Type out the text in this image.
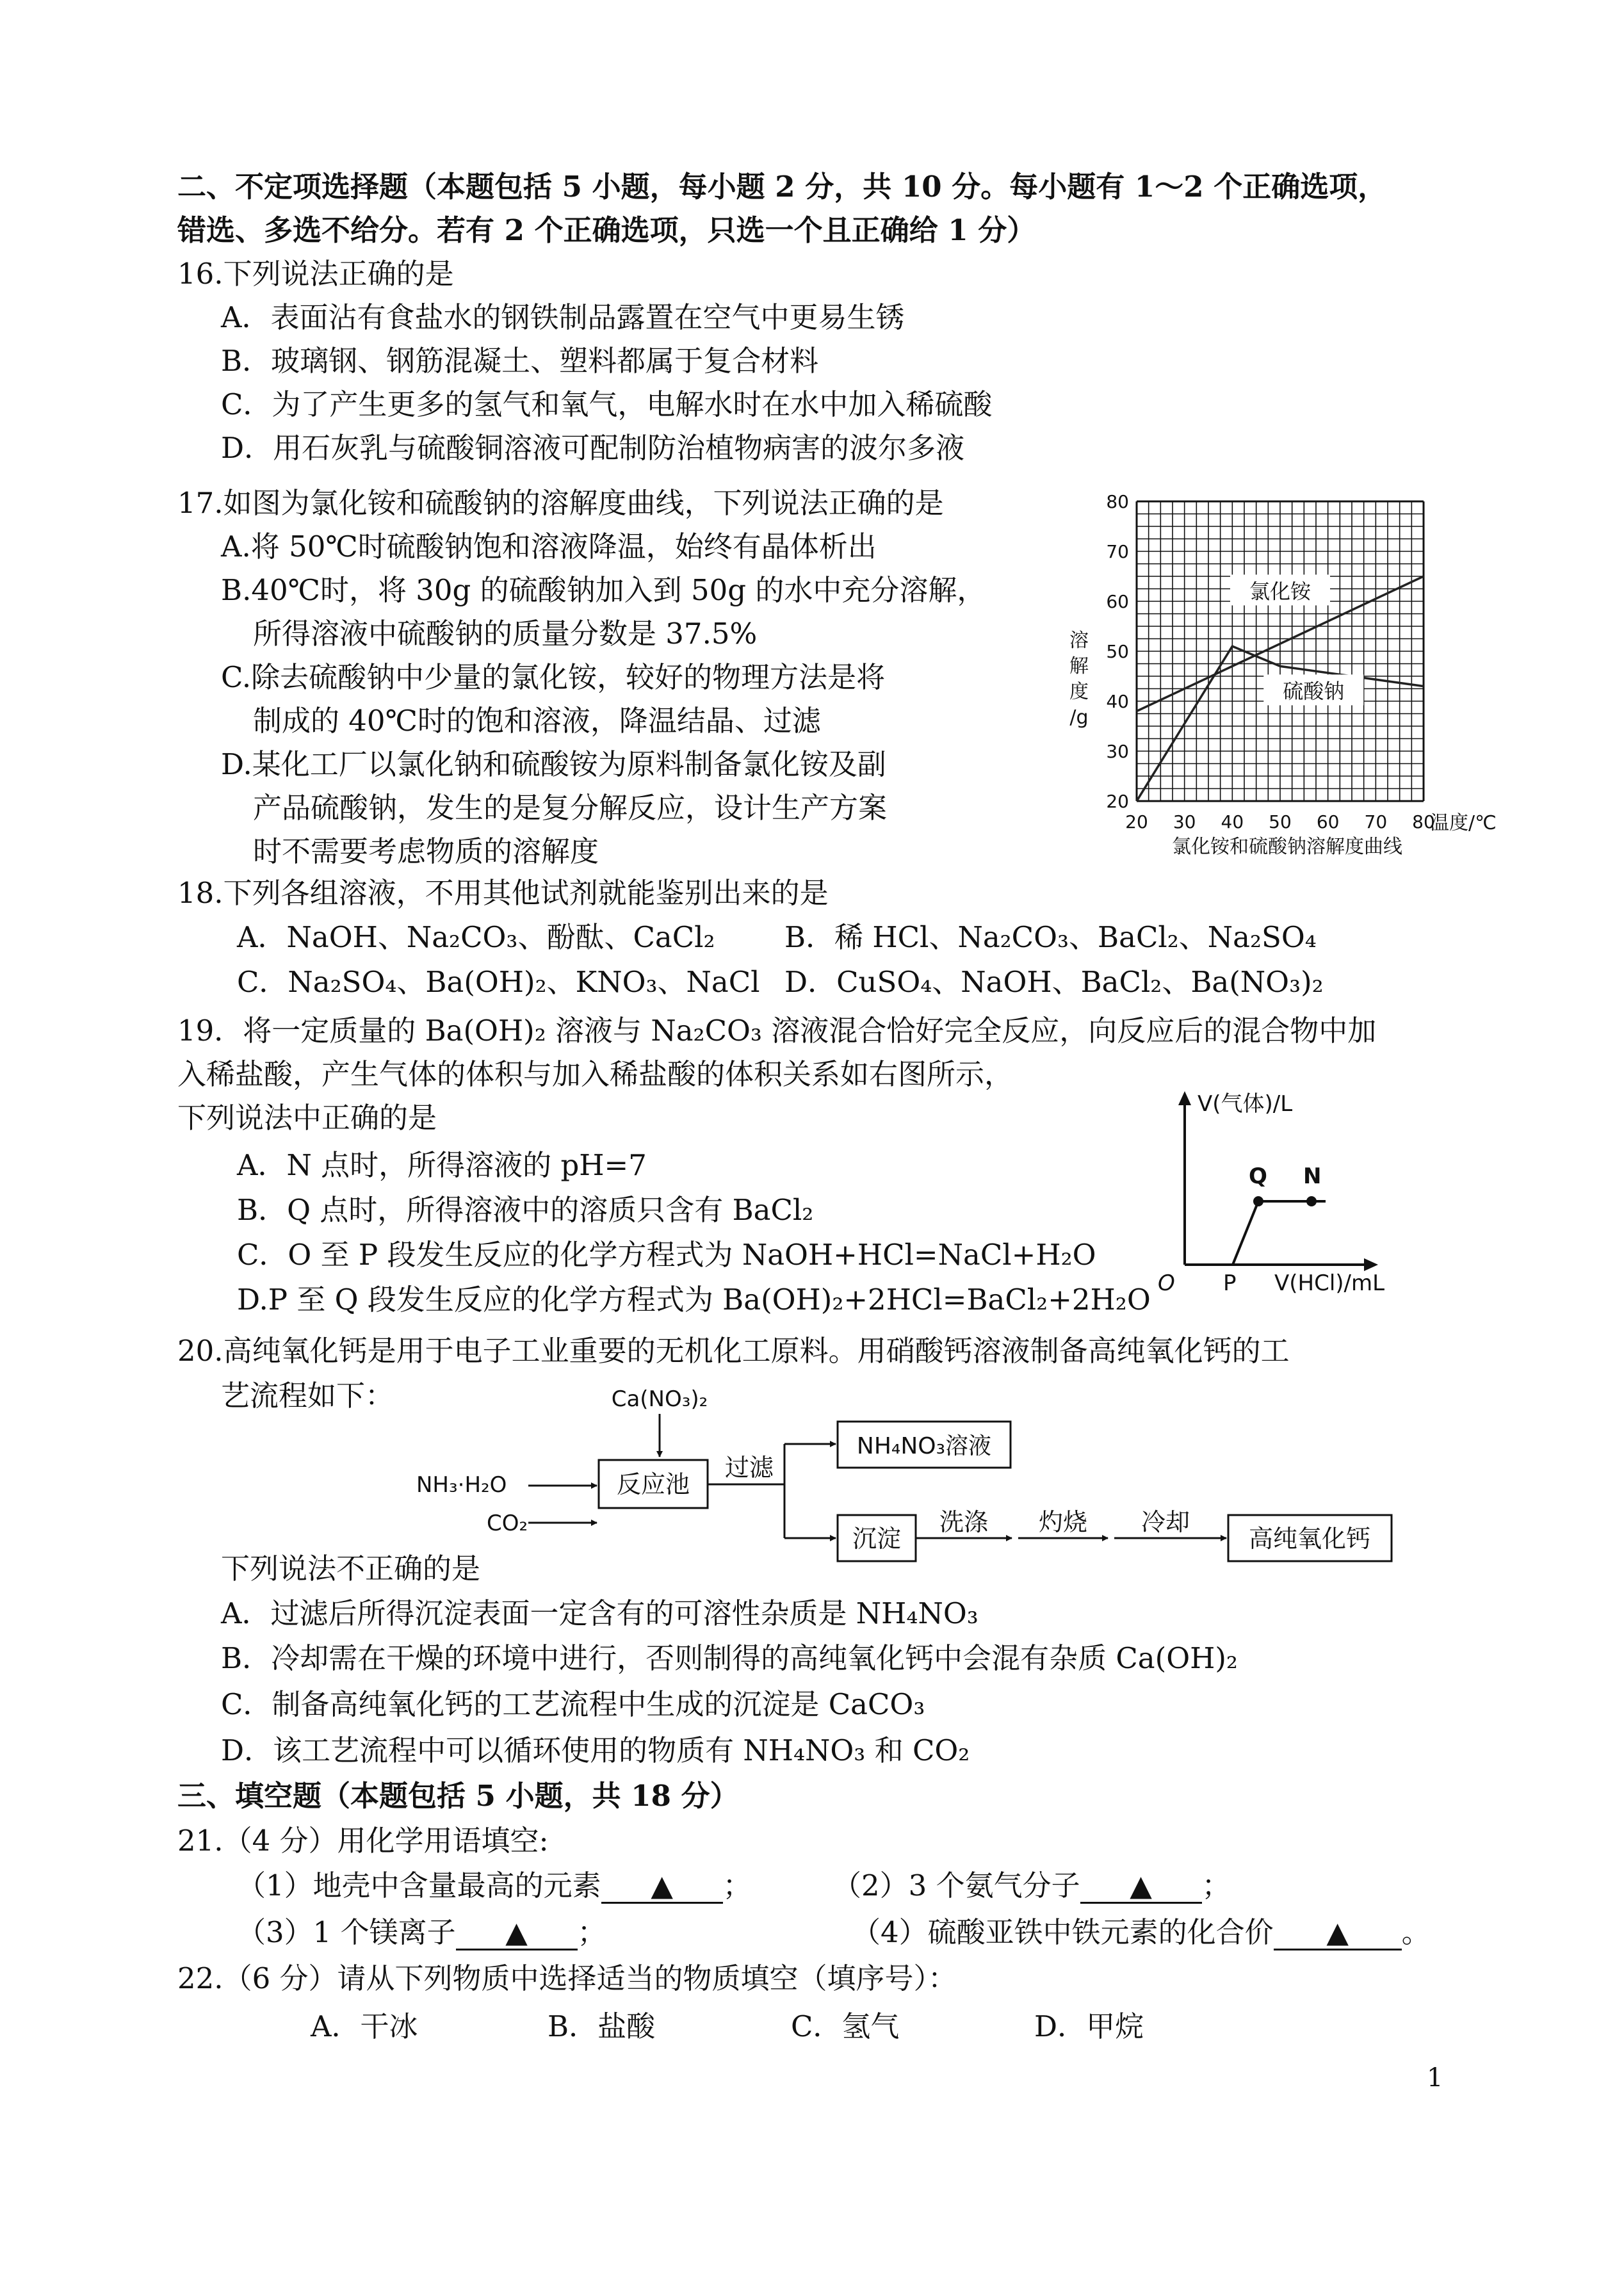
二、不定项选择题（本题包括 5 小题，每小题 2 分，共 10 分。每小题有 1～2 个正确选项，
错选、多选不给分。若有 2 个正确选项，只选一个且正确给 1 分）
16.下列说法正确的是
A．表面沾有食盐水的钢铁制品露置在空气中更易生锈
B．玻璃钢、钢筋混凝土、塑料都属于复合材料
C．为了产生更多的氢气和氧气，电解水时在水中加入稀硫酸
D．用石灰乳与硫酸铜溶液可配制防治植物病害的波尔多液
17.如图为氯化铵和硫酸钠的溶解度曲线，下列说法正确的是
A.将 50℃时硫酸钠饱和溶液降温，始终有晶体析出
B.40℃时，将 30g 的硫酸钠加入到 50g 的水中充分溶解，
所得溶液中硫酸钠的质量分数是 37.5%
C.除去硫酸钠中少量的氯化铵，较好的物理方法是将
制成的 40℃时的饱和溶液，降温结晶、过滤
D.某化工厂以氯化钠和硫酸铵为原料制备氯化铵及副
产品硫酸钠，发生的是复分解反应，设计生产方案
时不需要考虑物质的溶解度
20
30
40
50
60
70
80
20 30 40 50 60 70 80
氯化铵
硫酸钠
溶
解
度
/g
温度/℃
氯化铵和硫酸钠溶解度曲线
18.下列各组溶液，不用其他试剂就能鉴别出来的是
A．NaOH、Na₂CO₃、酚酞、CaCl₂ B．稀 HCl、Na₂CO₃、BaCl₂、Na₂SO₄
C．Na₂SO₄、Ba(OH)₂、KNO₃、NaCl D．CuSO₄、NaOH、BaCl₂、Ba(NO₃)₂
19．将一定质量的 Ba(OH)₂ 溶液与 Na₂CO₃ 溶液混合恰好完全反应，向反应后的混合物中加
入稀盐酸，产生气体的体积与加入稀盐酸的体积关系如右图所示，
下列说法中正确的是
A．N 点时，所得溶液的 pH=7
B．Q 点时，所得溶液中的溶质只含有 BaCl₂
C．O 至 P 段发生反应的化学方程式为 NaOH+HCl=NaCl+H₂O
D.P 至 Q 段发生反应的化学方程式为 Ba(OH)₂+2HCl=BaCl₂+2H₂O
V(气体)/L
Q N
O P V(HCl)/mL
20.高纯氧化钙是用于电子工业重要的无机化工原料。用硝酸钙溶液制备高纯氧化钙的工
艺流程如下：	Ca(NO₃)₂
NH₃·H₂O
CO₂
反应池
过滤
NH₄NO₃溶液
沉淀
洗涤 灼烧 冷却
高纯氧化钙
下列说法不正确的是
A．过滤后所得沉淀表面一定含有的可溶性杂质是 NH₄NO₃
B．冷却需在干燥的环境中进行，否则制得的高纯氧化钙中会混有杂质 Ca(OH)₂
C．制备高纯氧化钙的工艺流程中生成的沉淀是 CaCO₃
D．该工艺流程中可以循环使用的物质有 NH₄NO₃ 和 CO₂
三、填空题（本题包括 5 小题，共 18 分）
21.（4 分）用化学用语填空:
（1）地壳中含量最高的元素 ▲ ；	（2）3 个氨气分子 ▲ ；
（3）1 个镁离子 ▲ ；	（4）硫酸亚铁中铁元素的化合价 ▲ 。
22.（6 分）请从下列物质中选择适当的物质填空（填序号）：
A．干冰	B．盐酸	C．氢气	D．甲烷
1
